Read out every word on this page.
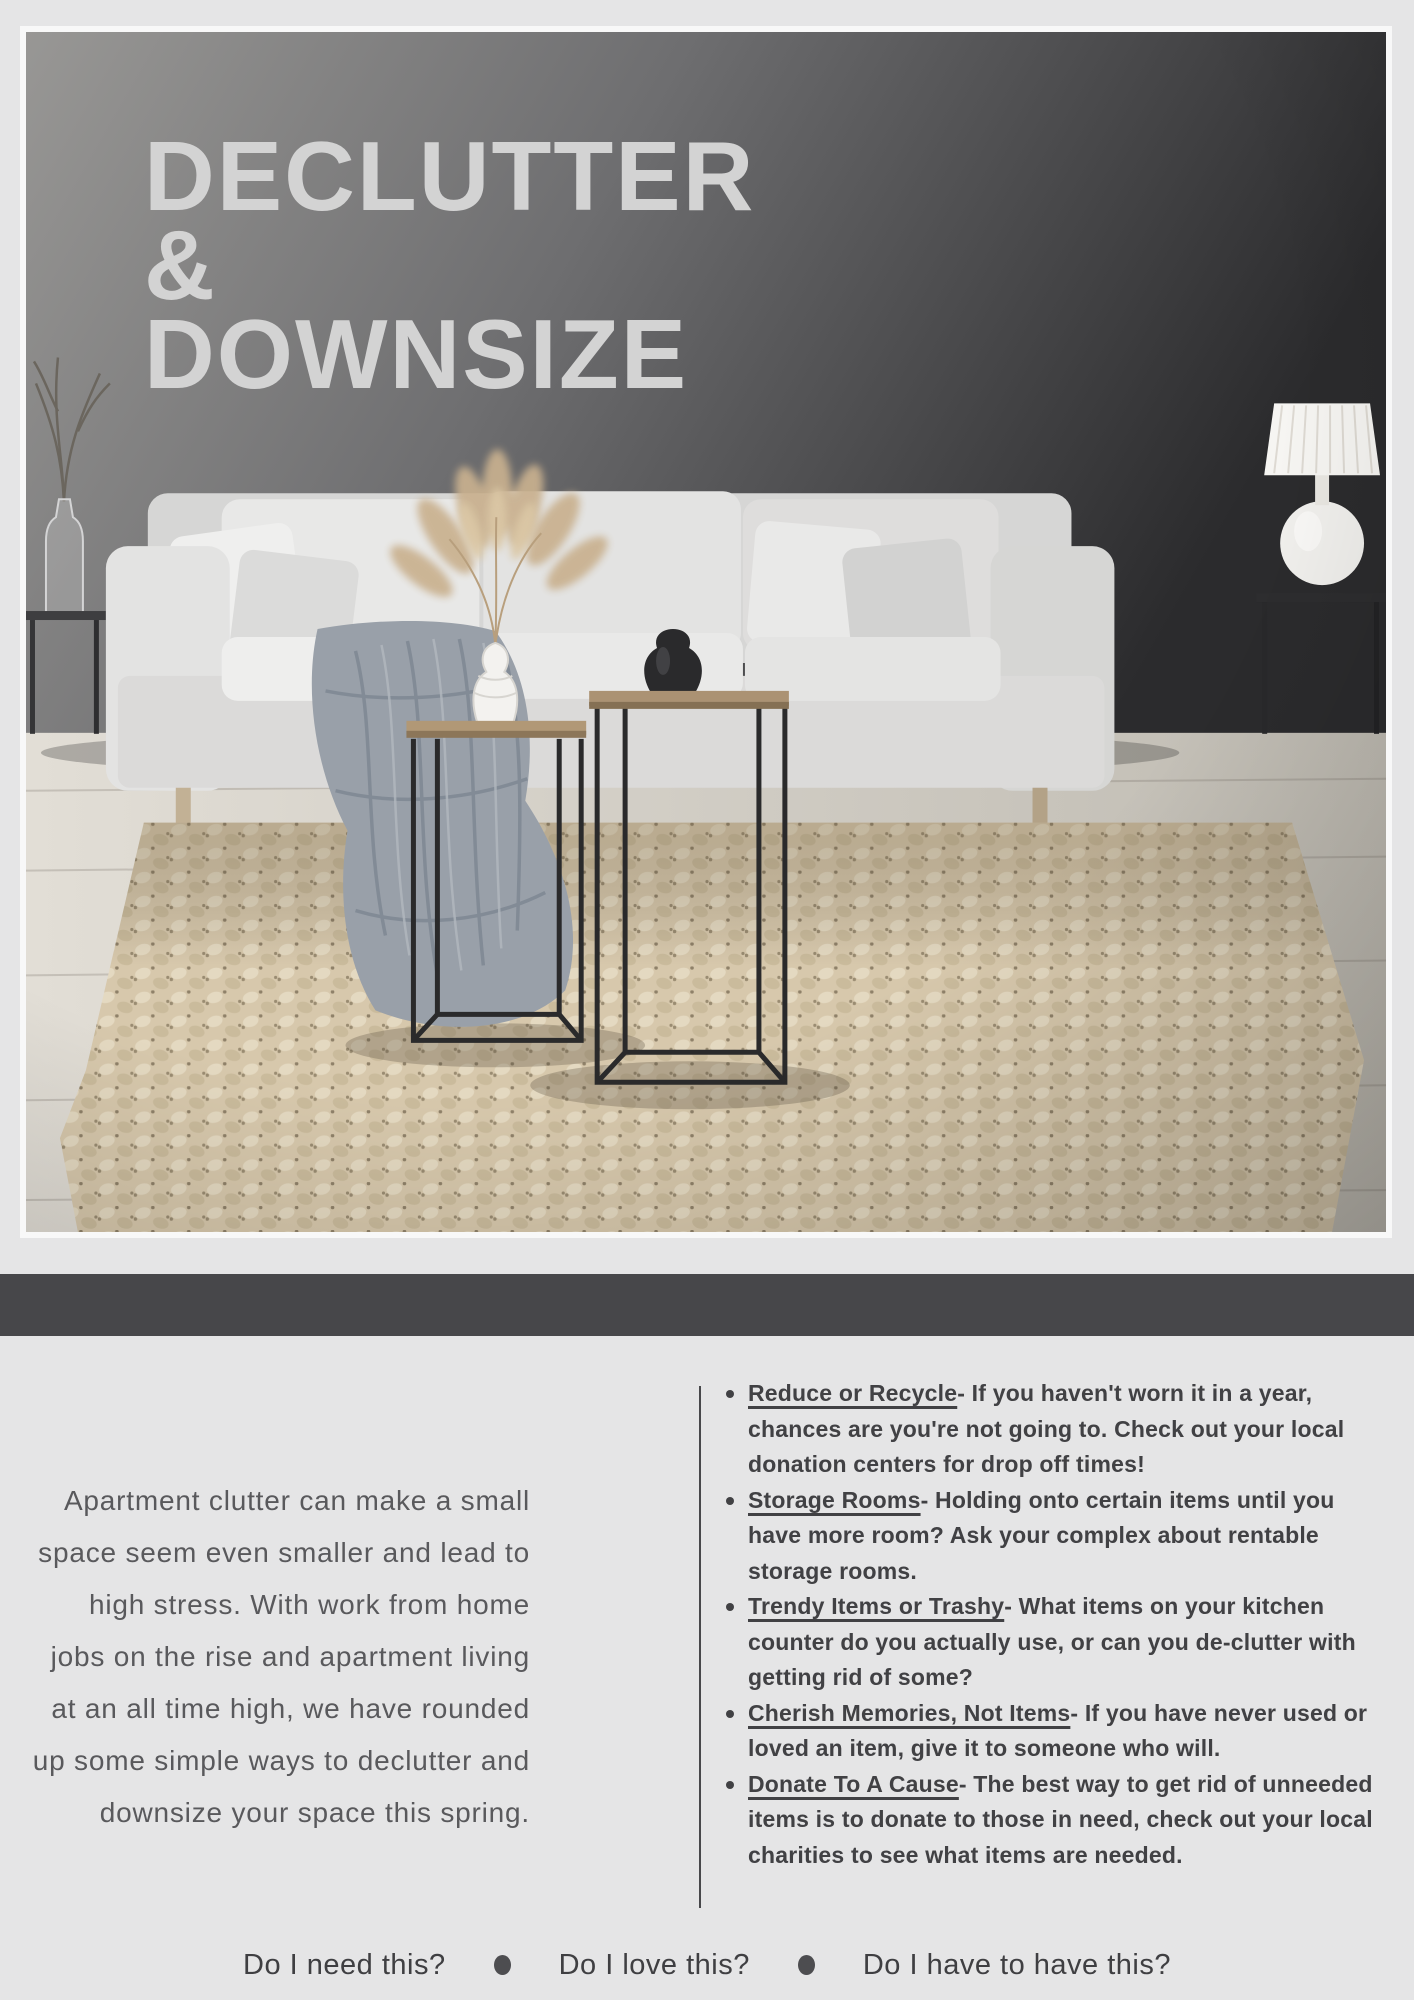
DECLUTTER
&
DOWNSIZE

Apartment clutter can make a small space seem even smaller and lead to high stress. With work from home jobs on the rise and apartment living at an all time high, we have rounded up some simple ways to declutter and downsize your space this spring.

Reduce or Recycle- If you haven't worn it in a year, chances are you're not going to. Check out your local donation centers for drop off times!
Storage Rooms- Holding onto certain items until you have more room? Ask your complex about rentable storage rooms.
Trendy Items or Trashy- What items on your kitchen counter do you actually use, or can you de-clutter with getting rid of some?
Cherish Memories, Not Items- If you have never used or loved an item, give it to someone who will.
Donate To A Cause- The best way to get rid of unneeded items is to donate to those in need, check out your local charities to see what items are needed.
Do I need this?	Do I love this?	Do I have to have this?
